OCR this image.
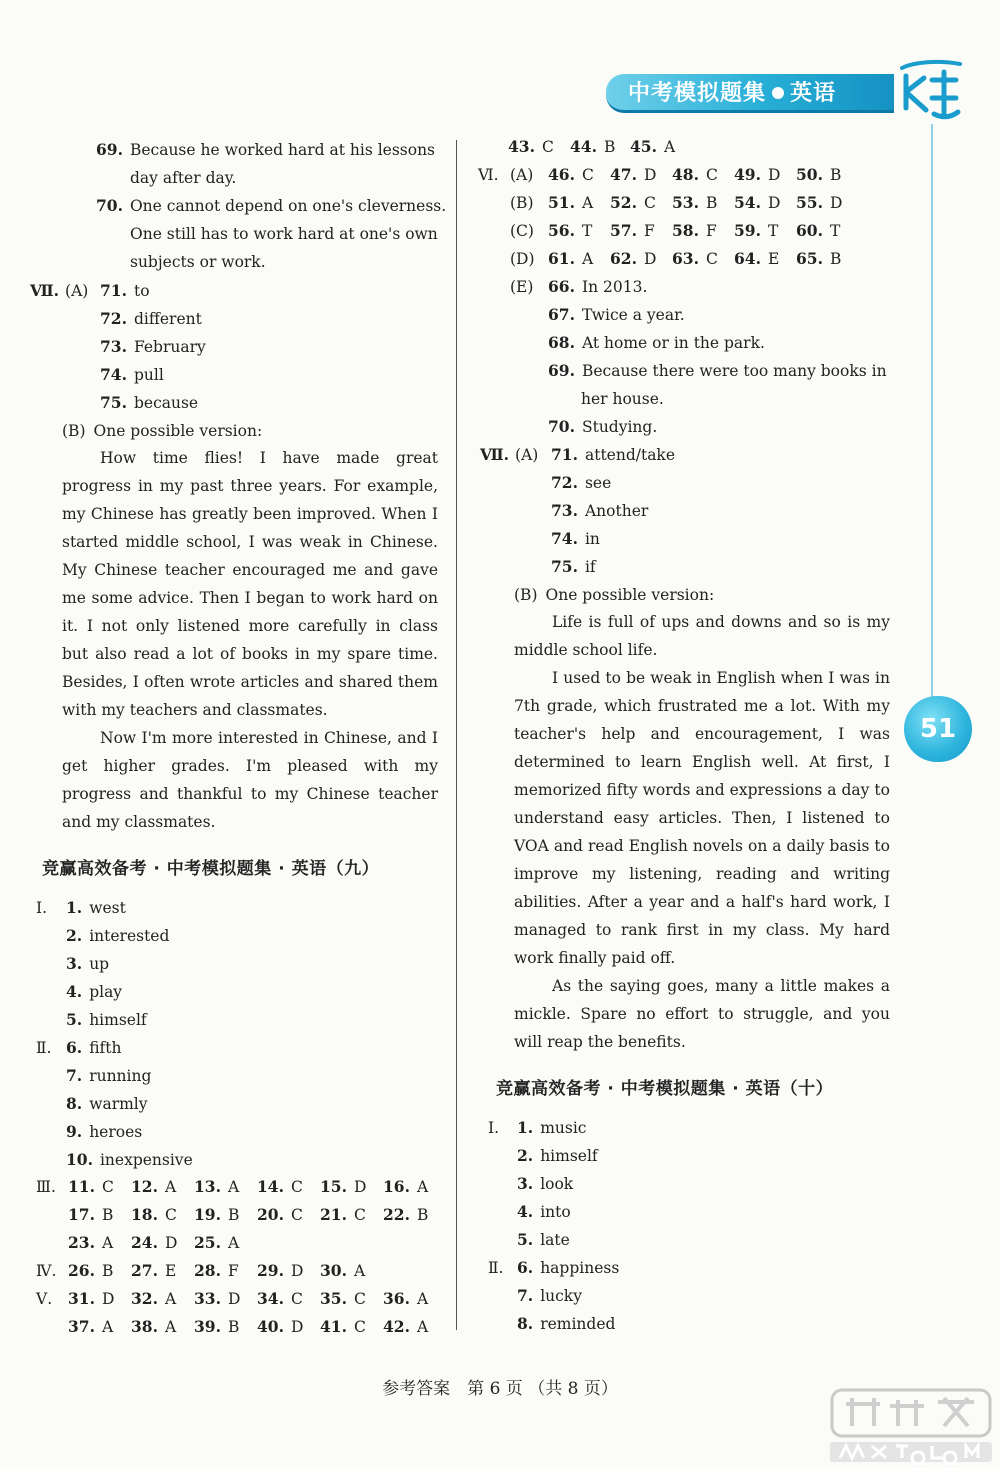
中考模拟题集 英语
69. Because he worked hard at his lessons
day after day.
70. One cannot depend on one's cleverness.
One still has to work hard at one's own
subjects or work.
Ⅶ. (A) 71. to
72. different
73. February
74. pull
75. because
(B) One possible version:

How time flies! I have made great progress in my past three years. For example, my Chinese has greatly been improved. When I started middle school, I was weak in Chinese. My Chinese teacher encouraged me and gave me some advice. Then I began to work hard on it. I not only listened more carefully in class but also read a lot of books in my spare time. Besides, I often wrote articles and shared them with my teachers and classmates.

Now I'm more interested in Chinese, and I get higher grades. I'm pleased with my progress and thankful to my Chinese teacher and my classmates.

竞赢高效备考 · 中考模拟题集 · 英语（九）
Ⅰ. 1. west
2. interested
3. up
4. play
5. himself
Ⅱ. 6. fifth
7. running
8. warmly
9. heroes
10. inexpensive
Ⅲ. 11. C 12. A 13. A 14. C 15. D 16. A
17. B 18. C 19. B 20. C 21. C 22. B
23. A 24. D 25. A
Ⅳ. 26. B 27. E 28. F 29. D 30. A
Ⅴ. 31. D 32. A 33. D 34. C 35. C 36. A
37. A 38. A 39. B 40. D 41. C 42. A
43. C 44. B 45. A
Ⅵ. (A) 46. C 47. D 48. C 49. D 50. B
(B) 51. A 52. C 53. B 54. D 55. D
(C) 56. T 57. F 58. F 59. T 60. T
(D) 61. A 62. D 63. C 64. E 65. B
(E) 66. In 2013.
67. Twice a year.
68. At home or in the park.
69. Because there were too many books in
her house.
70. Studying.
Ⅶ. (A) 71. attend/take
72. see
73. Another
74. in
75. if
(B) One possible version:

Life is full of ups and downs and so is my middle school life.

I used to be weak in English when I was in 7th grade, which frustrated me a lot. With my teacher's help and encouragement, I was determined to learn English well. At first, I memorized fifty words and expressions a day to understand easy articles. Then, I listened to VOA and read English novels on a daily basis to improve my listening, reading and writing abilities. After a year and a half's hard work, I managed to rank first in my class. My hard work finally paid off.

As the saying goes, many a little makes a mickle. Spare no effort to struggle, and you will reap the benefits.

竞赢高效备考 · 中考模拟题集 · 英语（十）
Ⅰ. 1. music
2. himself
3. look
4. into
5. late
Ⅱ. 6. happiness
7. lucky
8. reminded
51
参考答案　第 6 页 （共 8 页）
